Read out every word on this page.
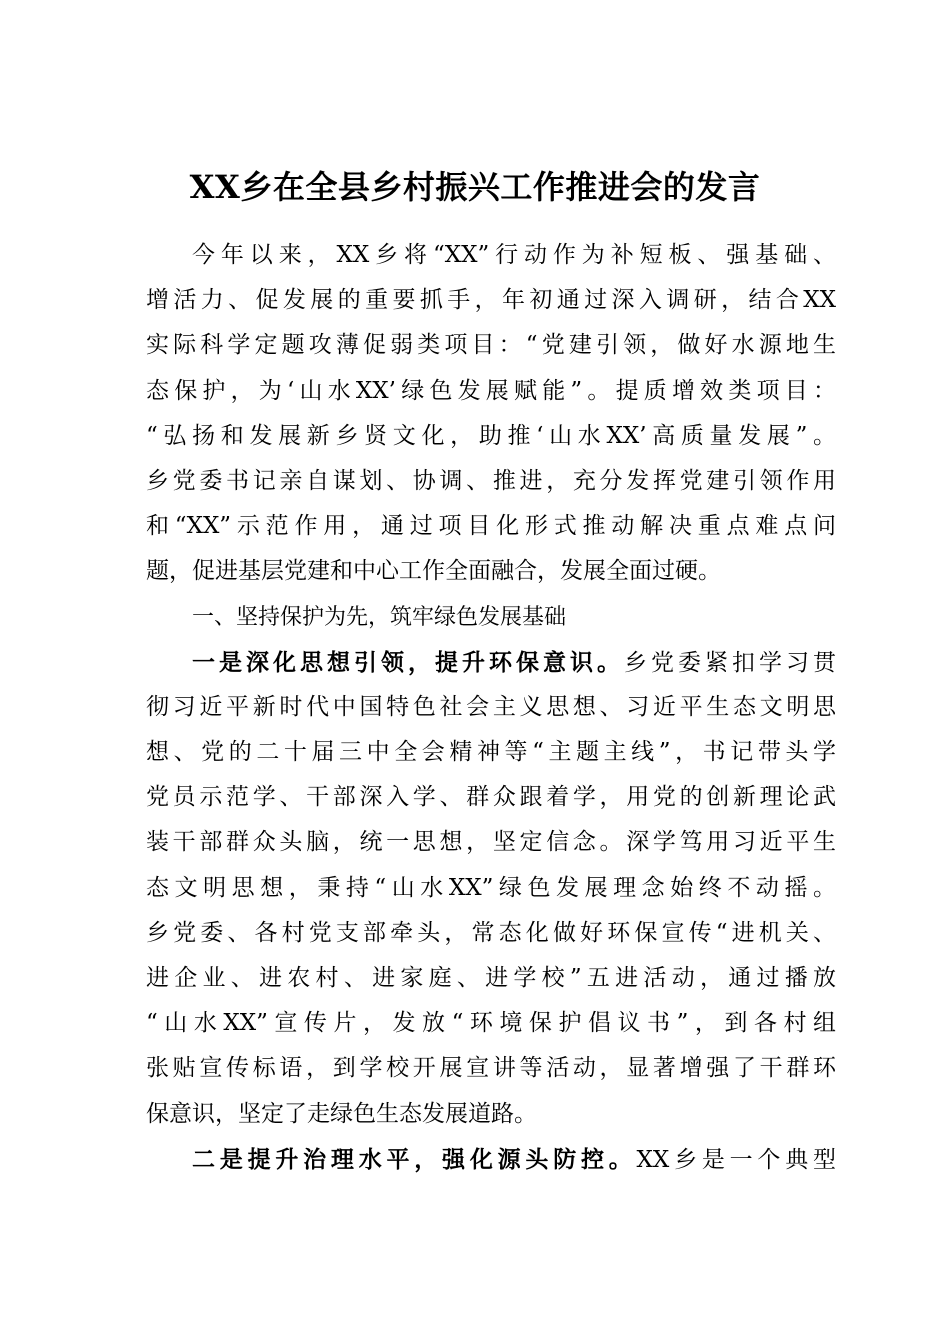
XX乡在全县乡村振兴工作推进会的发言
今年以来，XX乡将“XX”行动作为补短板、强基础、
增活力、促发展的重要抓手，年初通过深入调研，结合XX
实际科学定题攻薄促弱类项目：“党建引领，做好水源地生
态保护，为‘山水XX’绿色发展赋能”。提质增效类项目：
“弘扬和发展新乡贤文化，助推‘山水XX’高质量发展”。
乡党委书记亲自谋划、协调、推进，充分发挥党建引领作用
和“XX”示范作用，通过项目化形式推动解决重点难点问
题，促进基层党建和中心工作全面融合，发展全面过硬。
一、坚持保护为先，筑牢绿色发展基础
一是深化思想引领，提升环保意识。乡党委紧扣学习贯
彻习近平新时代中国特色社会主义思想、习近平生态文明思
想、党的二十届三中全会精神等“主题主线”，书记带头学
党员示范学、干部深入学、群众跟着学，用党的创新理论武
装干部群众头脑，统一思想，坚定信念。深学笃用习近平生
态文明思想，秉持“山水XX”绿色发展理念始终不动摇。
乡党委、各村党支部牵头，常态化做好环保宣传“进机关、
进企业、进农村、进家庭、进学校”五进活动，通过播放
“山水XX”宣传片，发放“环境保护倡议书”，到各村组
张贴宣传标语，到学校开展宣讲等活动，显著增强了干群环
保意识，坚定了走绿色生态发展道路。
二是提升治理水平，强化源头防控。XX乡是一个典型
